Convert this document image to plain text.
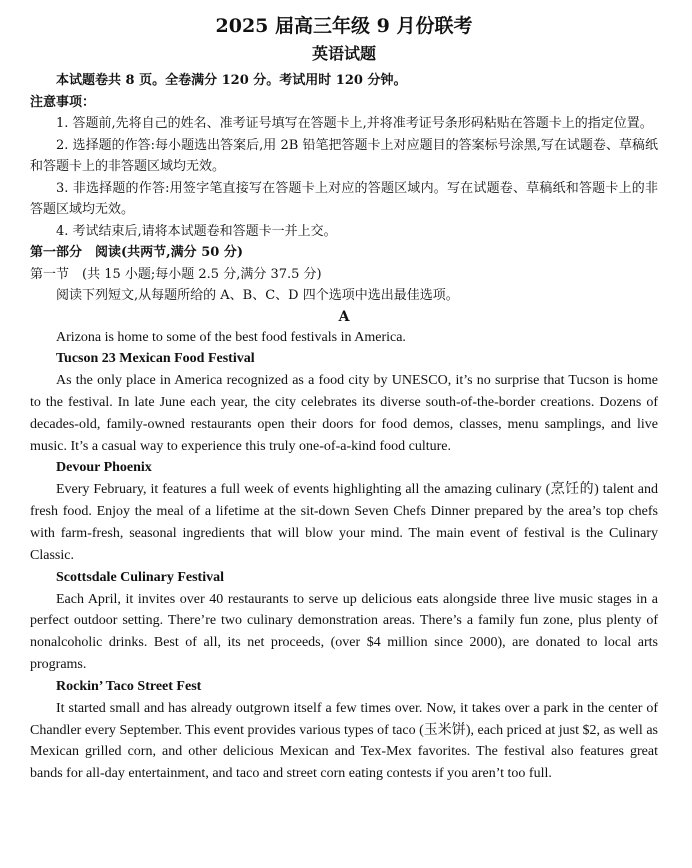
2025 届高三年级 9 月份联考
英语试题

本试题卷共 8 页。全卷满分 120 分。考试用时 120 分钟。

注意事项：

1. 答题前,先将自己的姓名、准考证号填写在答题卡上,并将准考证号条形码粘贴在答题卡上的指定位置。

2. 选择题的作答:每小题选出答案后,用 2B 铅笔把答题卡上对应题目的答案标号涂黑,写在试题卷、草稿纸和答题卡上的非答题区域均无效。

3. 非选择题的作答:用签字笔直接写在答题卡上对应的答题区域内。写在试题卷、草稿纸和答题卡上的非答题区域均无效。

4. 考试结束后,请将本试题卷和答题卡一并上交。

第一部分　阅读(共两节,满分 50 分)

第一节　(共 15 小题;每小题 2.5 分,满分 37.5 分)

阅读下列短文,从每题所给的 A、B、C、D 四个选项中选出最佳选项。

A

Arizona is home to some of the best food festivals in America.

Tucson 23 Mexican Food Festival

As the only place in America recognized as a food city by UNESCO, it’s no surprise that Tucson is home to the festival. In late June each year, the city celebrates its diverse south-of-the-border creations. Dozens of decades-old, family-owned restaurants open their doors for food demos, classes, menu samplings, and live music. It’s a casual way to experience this truly one-of-a-kind food culture.

Devour Phoenix

Every February, it features a full week of events highlighting all the amazing culinary (烹饪的) talent and fresh food. Enjoy the meal of a lifetime at the sit-down Seven Chefs Dinner prepared by the area’s top chefs with farm-fresh, seasonal ingredients that will blow your mind. The main event of festival is the Culinary Classic.

Scottsdale Culinary Festival

Each April, it invites over 40 restaurants to serve up delicious eats alongside three live music stages in a perfect outdoor setting. There’re two culinary demonstration areas. There’s a family fun zone, plus plenty of nonalcoholic drinks. Best of all, its net proceeds, (over $4 million since 2000), are donated to local arts programs.

Rockin’ Taco Street Fest

It started small and has already outgrown itself a few times over. Now, it takes over a park in the center of Chandler every September. This event provides various types of taco (玉米饼), each priced at just $2, as well as Mexican grilled corn, and other delicious Mexican and Tex-Mex favorites. The festival also features great bands for all-day entertainment, and taco and street corn eating contests if you aren’t too full.
